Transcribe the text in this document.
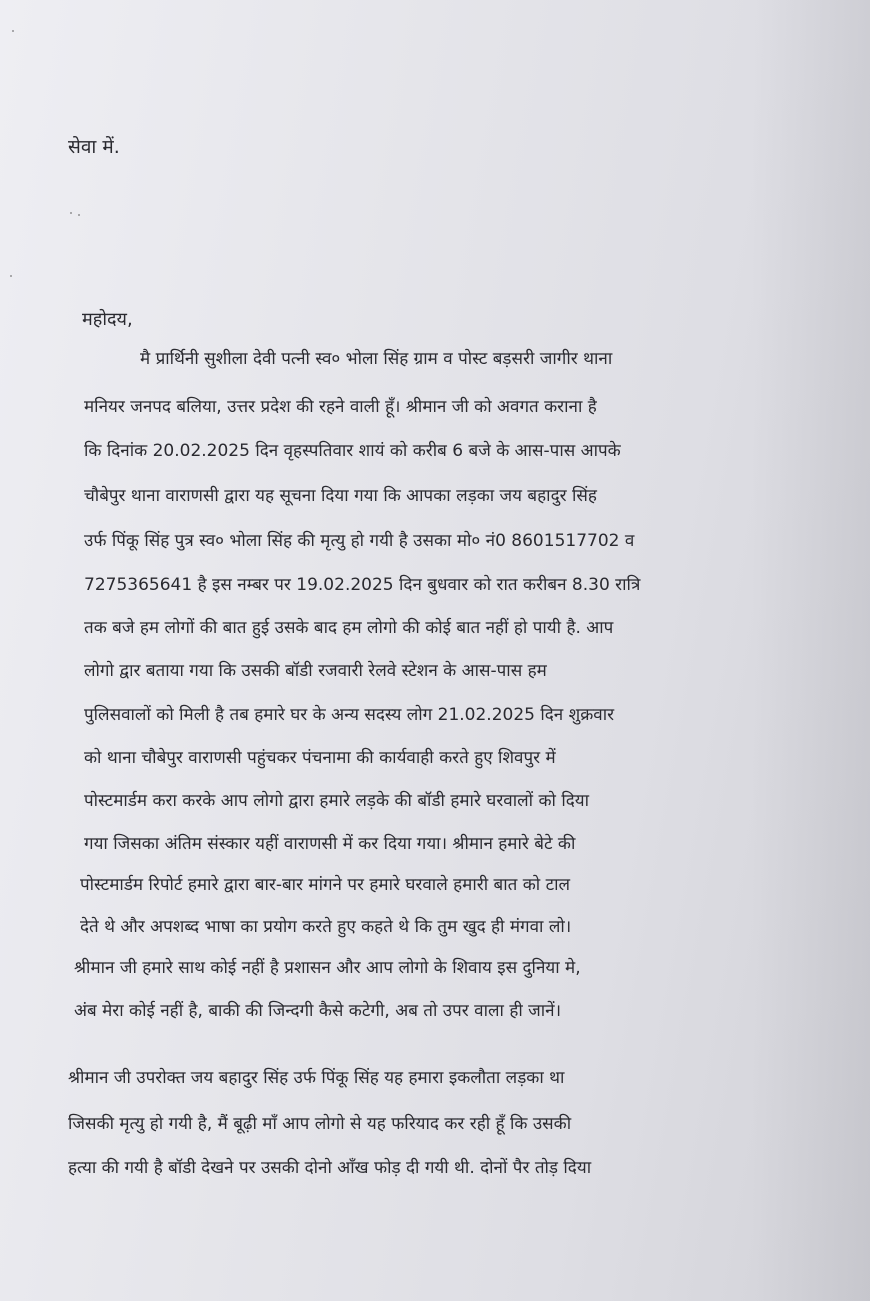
सेवा में.
महोदय,
मै प्रार्थिनी सुशीला देवी पत्नी स्व० भोला सिंह ग्राम व पोस्ट बड़सरी जागीर थाना
मनियर जनपद बलिया, उत्तर प्रदेश की रहने वाली हूँ। श्रीमान जी को अवगत कराना है
कि दिनांक 20.02.2025 दिन वृहस्पतिवार शायं को करीब 6 बजे के आस-पास आपके
चौबेपुर थाना वाराणसी द्वारा यह सूचना दिया गया कि आपका लड़का जय बहादुर सिंह
उर्फ पिंकू सिंह पुत्र स्व० भोला सिंह की मृत्यु हो गयी है उसका मो० नं0 8601517702 व
7275365641 है इस नम्बर पर 19.02.2025 दिन बुधवार को रात करीबन 8.30 रात्रि
तक बजे हम लोगों की बात हुई उसके बाद हम लोगो की कोई बात नहीं हो पायी है. आप
लोगो द्वार बताया गया कि उसकी बॉडी रजवारी रेलवे स्टेशन के आस-पास हम
पुलिसवालों को मिली है तब हमारे घर के अन्य सदस्य लोग 21.02.2025 दिन शुक्रवार
को थाना चौबेपुर वाराणसी पहुंचकर पंचनामा की कार्यवाही करते हुए शिवपुर में
पोस्टमार्डम करा करके आप लोगो द्वारा हमारे लड़के की बॉडी हमारे घरवालों को दिया
गया जिसका अंतिम संस्कार यहीं वाराणसी में कर दिया गया। श्रीमान हमारे बेटे की
पोस्टमार्डम रिपोर्ट हमारे द्वारा बार-बार मांगने पर हमारे घरवाले हमारी बात को टाल
देते थे और अपशब्द भाषा का प्रयोग करते हुए कहते थे कि तुम खुद ही मंगवा लो।
श्रीमान जी हमारे साथ कोई नहीं है प्रशासन और आप लोगो के शिवाय इस दुनिया मे,
अंब मेरा कोई नहीं है, बाकी की जिन्दगी कैसे कटेगी, अब तो उपर वाला ही जानें।
श्रीमान जी उपरोक्त जय बहादुर सिंह उर्फ पिंकू सिंह यह हमारा इकलौता लड़का था
जिसकी मृत्यु हो गयी है, मैं बूढ़ी माँ आप लोगो से यह फरियाद कर रही हूँ कि उसकी
हत्या की गयी है बॉडी देखने पर उसकी दोनो आँख फोड़ दी गयी थी. दोनों पैर तोड़ दिया
